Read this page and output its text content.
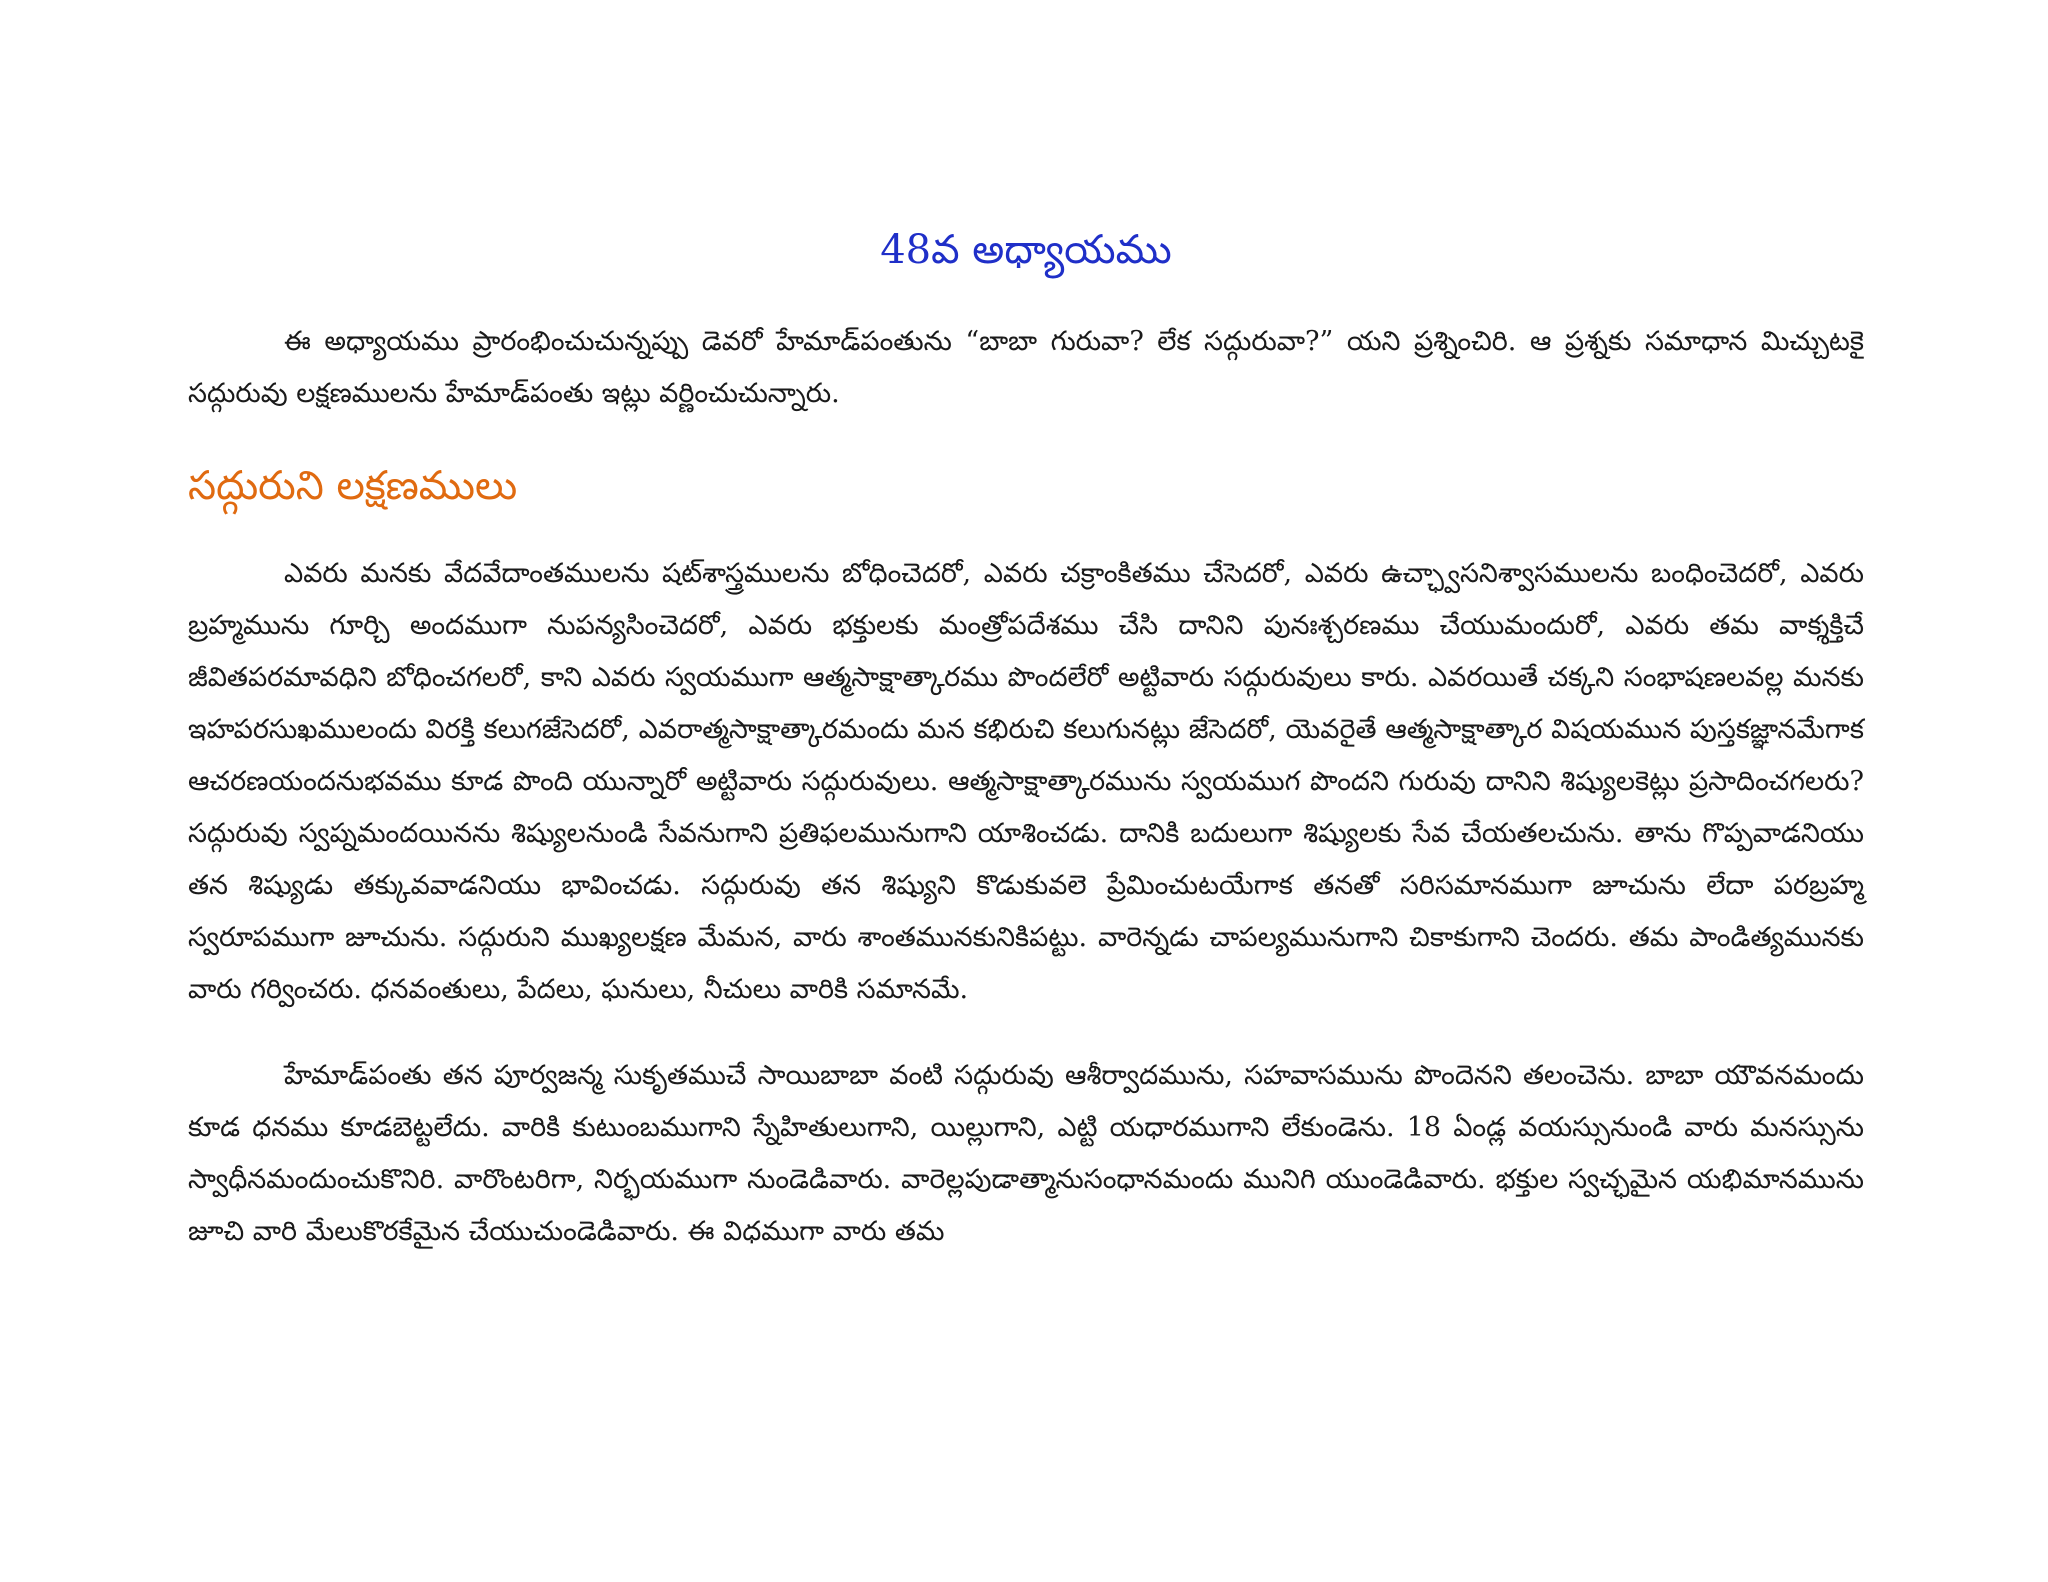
48వ అధ్యాయము

ఈ అధ్యాయము ప్రారంభించుచున్నప్పు డెవరో హేమాడ్‌పంతును “బాబా గురువా? లేక సద్గురువా?” యని ప్రశ్నించిరి. ఆ ప్రశ్నకు సమాధాన మిచ్చుటకై సద్గురువు లక్షణములను హేమాడ్‌పంతు ఇట్లు వర్ణించుచున్నారు.

సద్గురుని లక్షణములు

ఎవరు మనకు వేదవేదాంతములను షట్‌శాస్త్రములను బోధించెదరో, ఎవరు చక్రాంకితము చేసెదరో, ఎవరు ఉచ్ఛ్వాసనిశ్వాసములను బంధించెదరో, ఎవరు బ్రహ్మమును గూర్చి అందముగా నుపన్యసించెదరో, ఎవరు భక్తులకు మంత్రోపదేశము చేసి దానిని పునఃశ్చరణము చేయుమందురో, ఎవరు తమ వాక్శక్తిచే జీవితపరమావధిని బోధించగలరో, కాని ఎవరు స్వయముగా ఆత్మసాక్షాత్కారము పొందలేరో అట్టివారు సద్గురువులు కారు. ఎవరయితే చక్కని సంభాషణలవల్ల మనకు ఇహపరసుఖములందు విరక్తి కలుగజేసెదరో, ఎవరాత్మసాక్షాత్కారమందు మన కభిరుచి కలుగునట్లు జేసెదరో, యెవరైతే ఆత్మసాక్షాత్కార విషయమున పుస్తకజ్ఞానమేగాక ఆచరణయందనుభవము కూడ పొంది యున్నారో అట్టివారు సద్గురువులు. ఆత్మసాక్షాత్కారమును స్వయముగ పొందని గురువు దానిని శిష్యులకెట్లు ప్రసాదించగలరు? సద్గురువు స్వప్నమందయినను శిష్యులనుండి సేవనుగాని ప్రతిఫలమునుగాని యాశించడు. దానికి బదులుగా శిష్యులకు సేవ చేయతలచును. తాను గొప్పవాడనియు తన శిష్యుడు తక్కువవాడనియు భావించడు. సద్గురువు తన శిష్యుని కొడుకువలె ప్రేమించుటయేగాక తనతో సరిసమానముగా జూచును లేదా పరబ్రహ్మ స్వరూపముగా జూచును. సద్గురుని ముఖ్యలక్షణ మేమన, వారు శాంతమునకునికిపట్టు. వారెన్నడు చాపల్యమునుగాని చికాకుగాని చెందరు. తమ పాండిత్యమునకు వారు గర్వించరు. ధనవంతులు, పేదలు, ఘనులు, నీచులు వారికి సమానమే.

హేమాడ్‌పంతు తన పూర్వజన్మ సుకృతముచే సాయిబాబా వంటి సద్గురువు ఆశీర్వాదమును, సహవాసమును పొందెనని తలంచెను. బాబా యౌవనమందు కూడ ధనము కూడబెట్టలేదు. వారికి కుటుంబముగాని స్నేహితులుగాని, యిల్లుగాని, ఎట్టి యధారముగాని లేకుండెను. 18 ఏండ్ల వయస్సునుండి వారు మనస్సును స్వాధీనమందుంచుకొనిరి. వారొంటరిగా, నిర్భయముగా నుండెడివారు. వారెల్లపుడాత్మానుసంధానమందు మునిగి యుండెడివారు. భక్తుల స్వచ్ఛమైన యభిమానమును జూచి వారి మేలుకొరకేమైన చేయుచుండెడివారు. ఈ విధముగా వారు తమ
